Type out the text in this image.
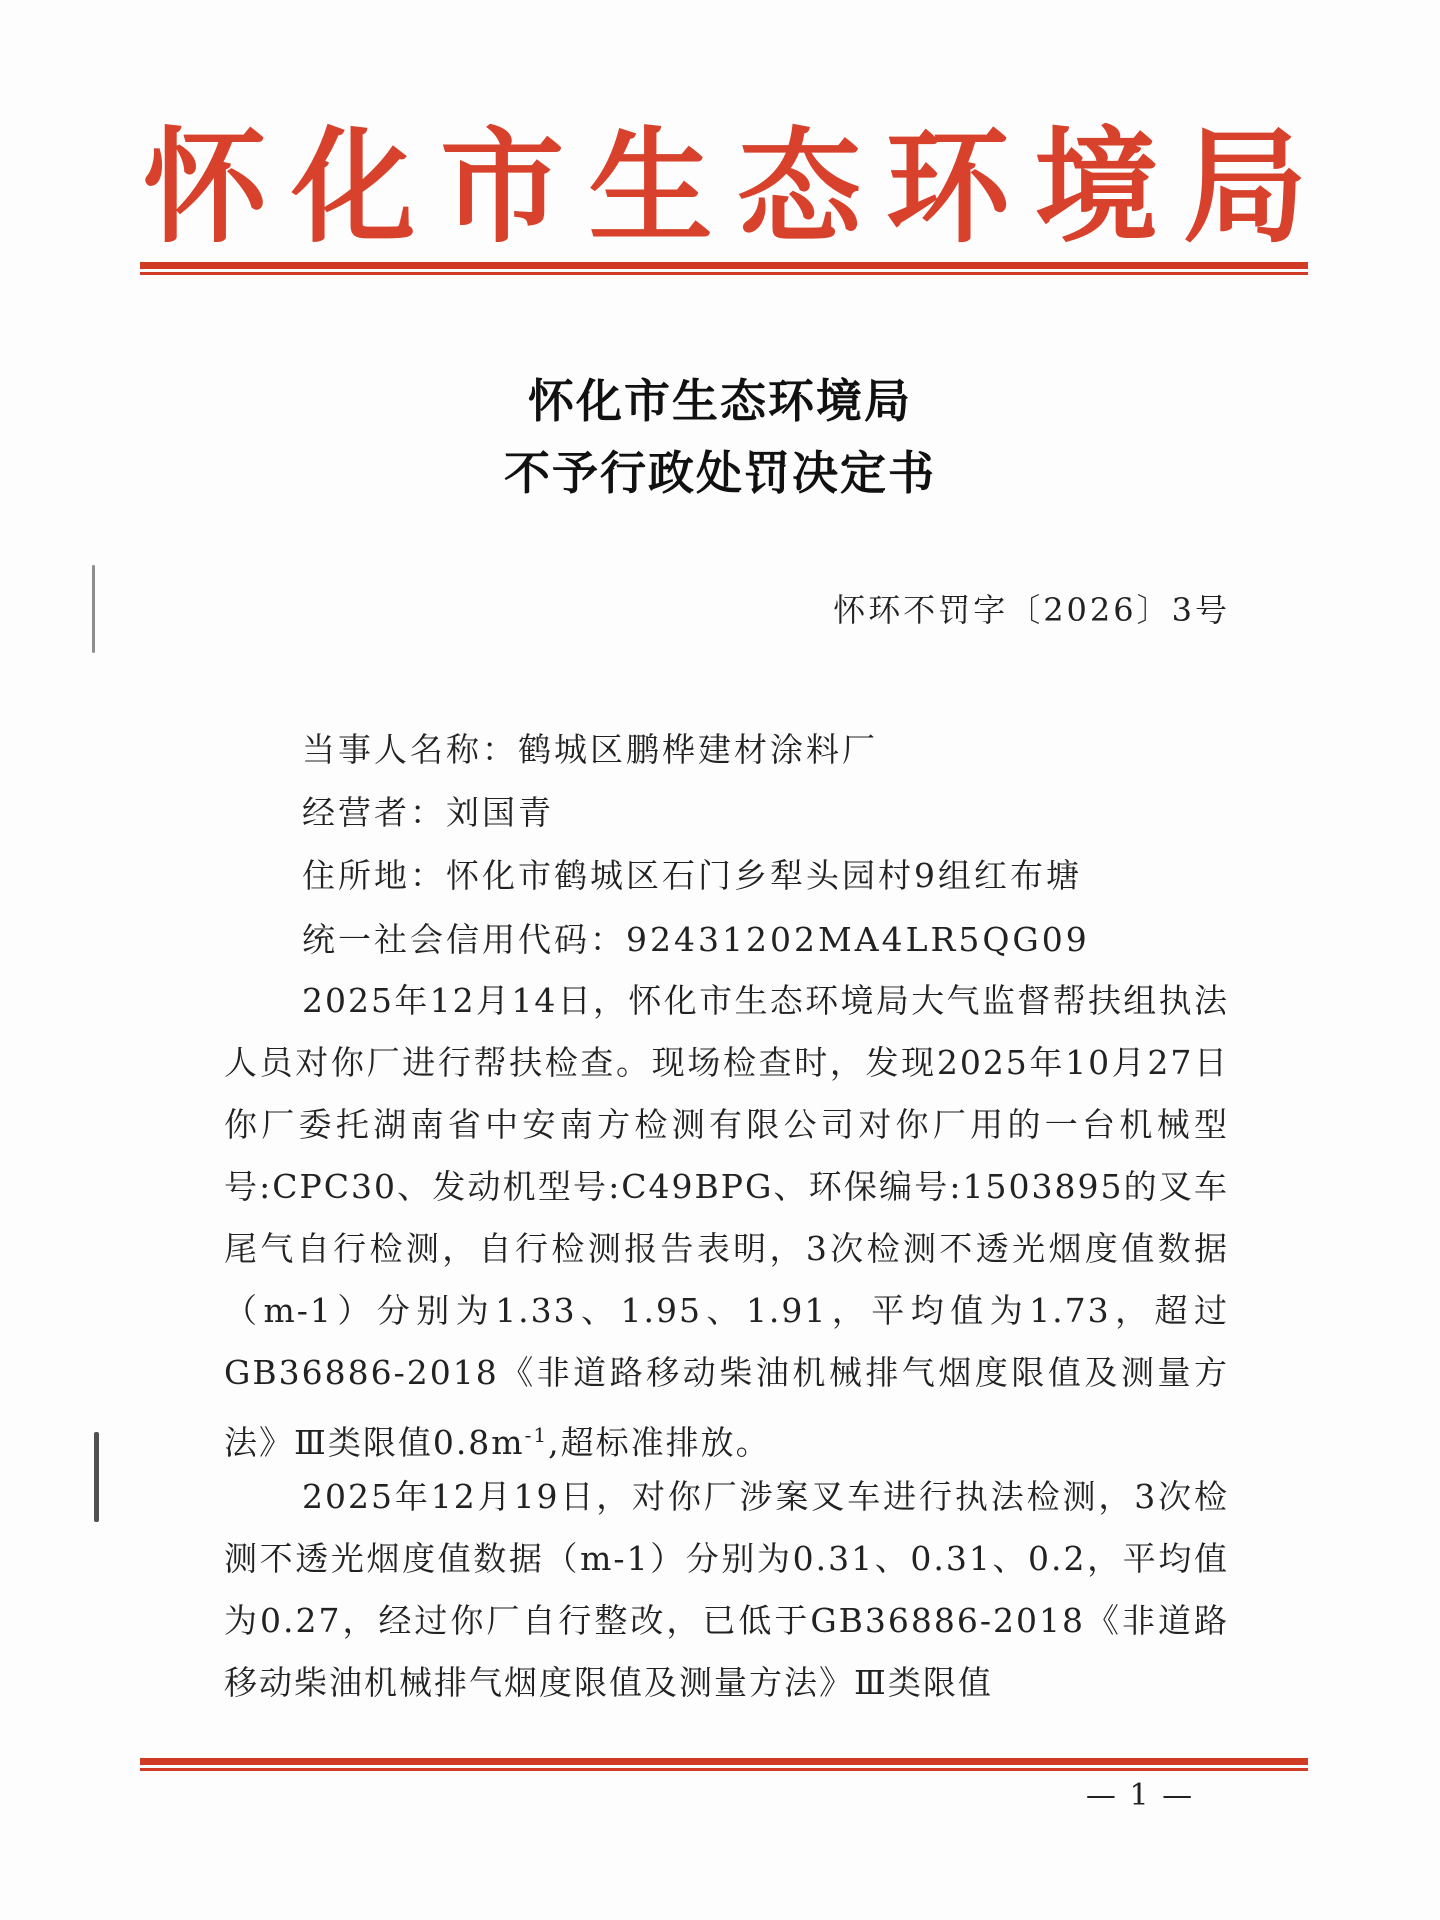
怀 化 市 生 态 环 境 局
怀化市生态环境局
不予行政处罚决定书
怀环不罚字〔2026〕3号
当事人名称：鹤城区鹏桦建材涂料厂
经营者：刘国青
住所地：怀化市鹤城区石门乡犁头园村9组红布塘
统一社会信用代码：92431202MA4LR5QG09
2025年12月14日，怀化市生态环境局大气监督帮扶组执法人员对你厂进行帮扶检查。现场检查时，发现2025年10月27日你厂委托湖南省中安南方检测有限公司对你厂用的一台机械型号:CPC30、发动机型号:C49BPG、环保编号:1503895的叉车尾气自行检测，自行检测报告表明，3次检测不透光烟度值数据（m-1）分别为1.33、1.95、1.91，平均值为1.73，超过GB36886-2018《非道路移动柴油机械排气烟度限值及测量方法》Ⅲ类限值$0.8m^{-1}$,超标准排放。
2025年12月19日，对你厂涉案叉车进行执法检测，3次检测不透光烟度值数据（m-1）分别为0.31、0.31、0.2，平均值为0.27，经过你厂自行整改，已低于GB36886-2018《非道路移动柴油机械排气烟度限值及测量方法》Ⅲ类限值
— 1 —
